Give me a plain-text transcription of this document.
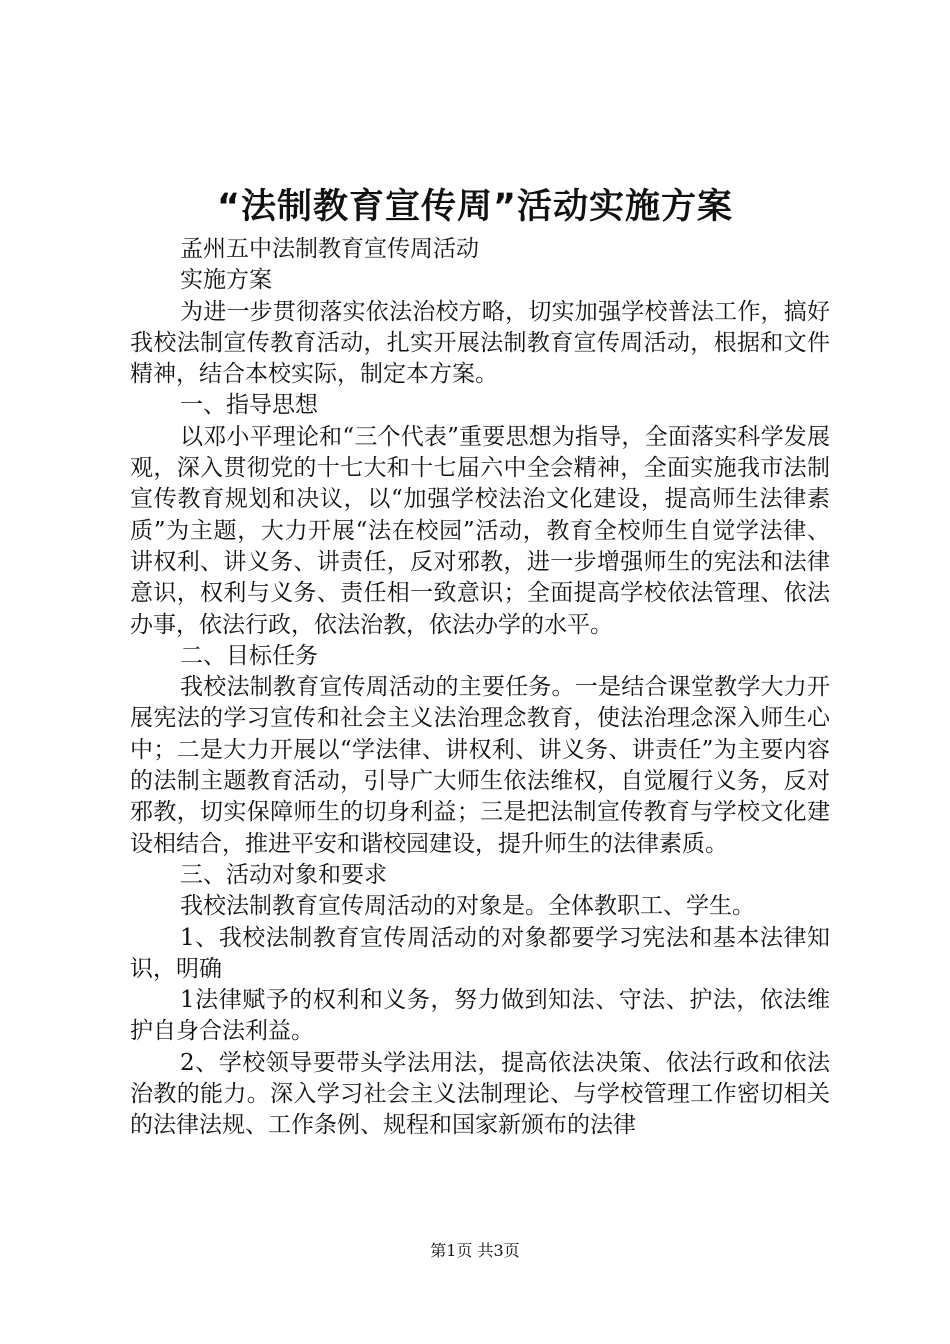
“法制教育宣传周”活动实施方案

孟州五中法制教育宣传周活动

实施方案

为进一步贯彻落实依法治校方略，切实加强学校普法工作，搞好我校法制宣传教育活动，扎实开展法制教育宣传周活动，根据和文件精神，结合本校实际，制定本方案。

一、指导思想

以邓小平理论和“三个代表”重要思想为指导，全面落实科学发展观，深入贯彻党的十七大和十七届六中全会精神，全面实施我市法制宣传教育规划和决议，以“加强学校法治文化建设，提高师生法律素质”为主题，大力开展“法在校园”活动，教育全校师生自觉学法律、讲权利、讲义务、讲责任，反对邪教，进一步增强师生的宪法和法律意识，权利与义务、责任相一致意识；全面提高学校依法管理、依法办事，依法行政，依法治教，依法办学的水平。

二、目标任务

我校法制教育宣传周活动的主要任务。一是结合课堂教学大力开展宪法的学习宣传和社会主义法治理念教育，使法治理念深入师生心中；二是大力开展以“学法律、讲权利、讲义务、讲责任”为主要内容的法制主题教育活动，引导广大师生依法维权，自觉履行义务，反对邪教，切实保障师生的切身利益；三是把法制宣传教育与学校文化建设相结合，推进平安和谐校园建设，提升师生的法律素质。

三、活动对象和要求

我校法制教育宣传周活动的对象是。全体教职工、学生。

1、我校法制教育宣传周活动的对象都要学习宪法和基本法律知识，明确

1法律赋予的权利和义务，努力做到知法、守法、护法，依法维护自身合法利益。

2、学校领导要带头学法用法，提高依法决策、依法行政和依法治教的能力。深入学习社会主义法制理论、与学校管理工作密切相关的法律法规、工作条例、规程和国家新颁布的法律

第1页 共3页
